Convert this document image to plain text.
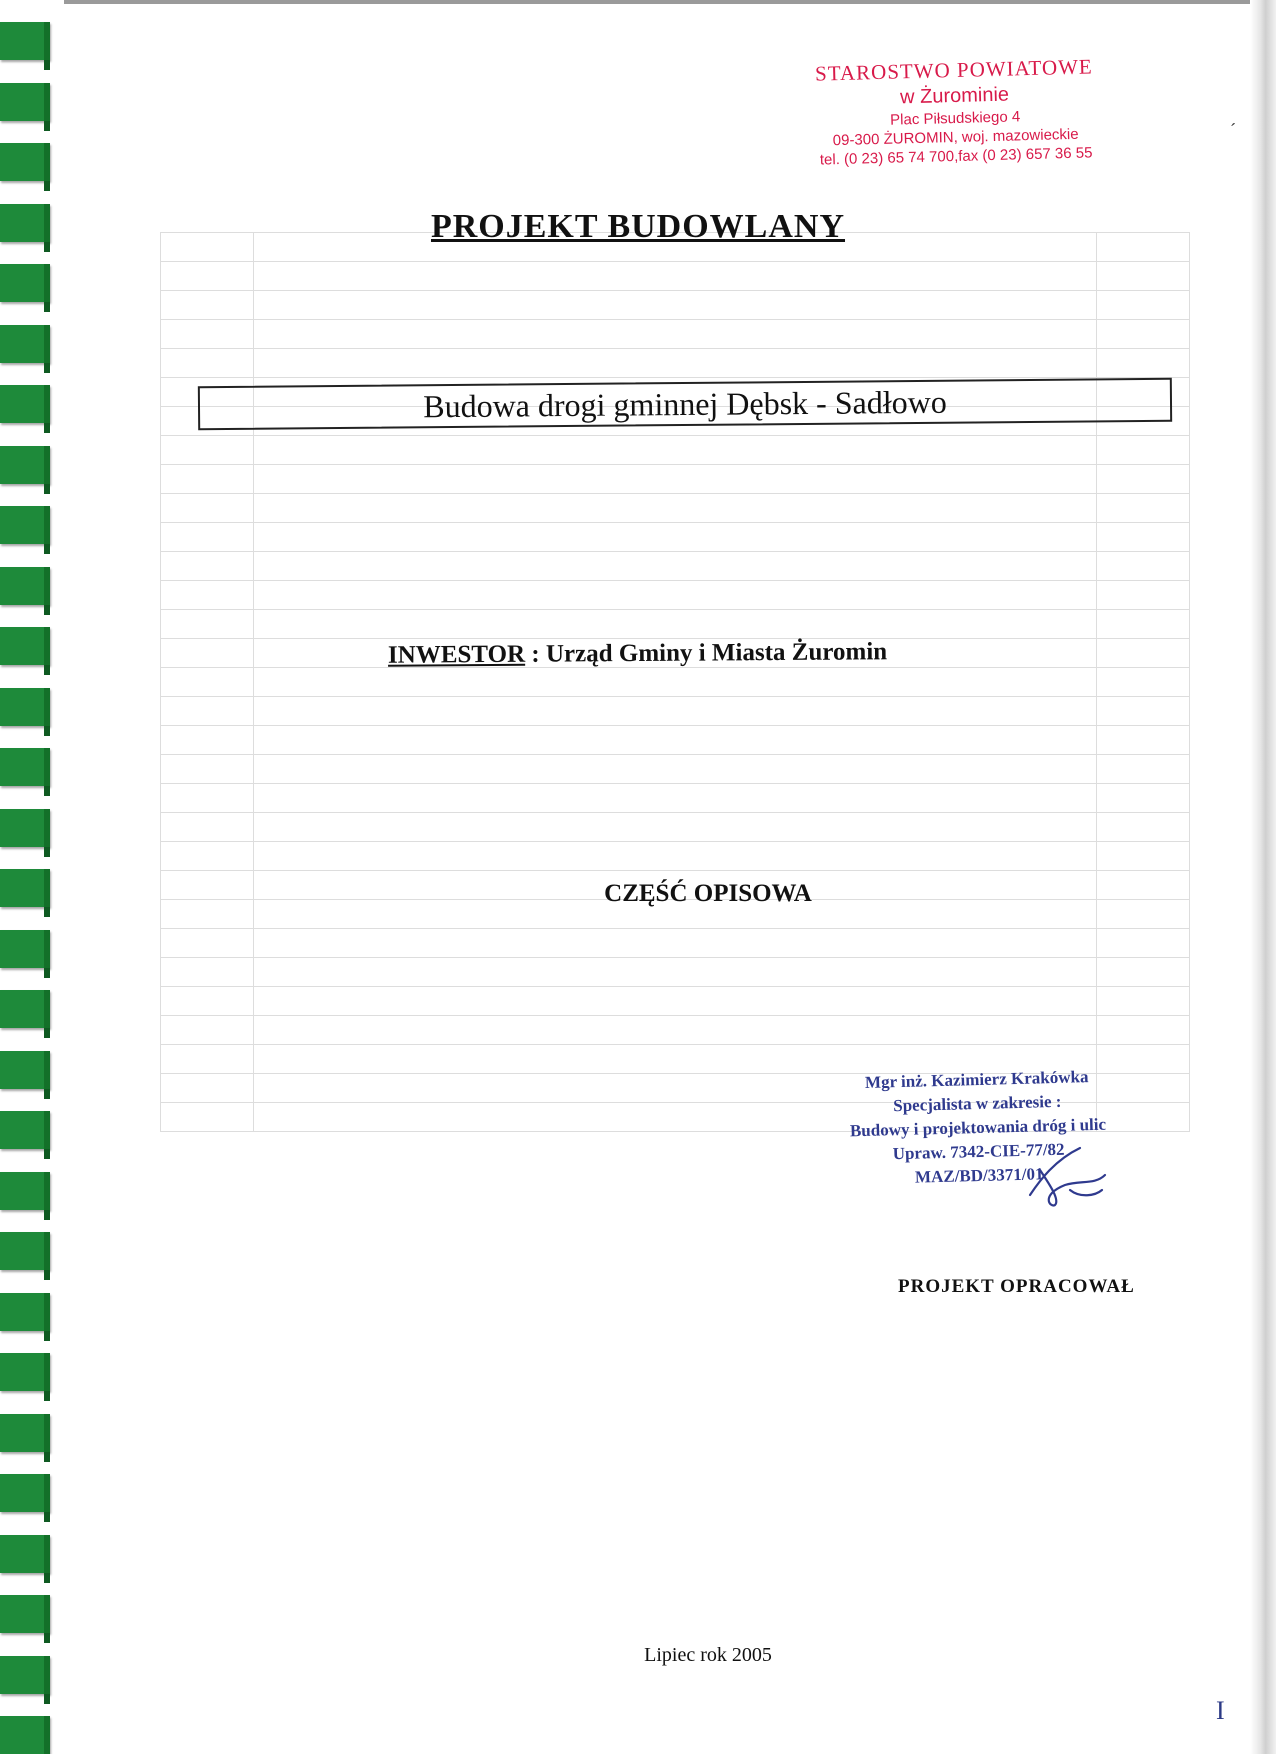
STAROSTWO POWIATOWE
w Żurominie
Plac Piłsudskiego 4
09-300 ŻUROMIN, woj. mazowieckie
tel. (0 23) 65 74 700,fax (0 23) 657 36 55
ˊ
PROJEKT BUDOWLANY
Budowa drogi gminnej Dębsk - Sadłowo
INWESTOR : Urząd Gminy i Miasta Żuromin
CZĘŚĆ OPISOWA
Mgr inż. Kazimierz Krakówka
Specjalista w zakresie :
Budowy i projektowania dróg i ulic
Upraw. 7342-CIE-77/82
MAZ/BD/3371/01
PROJEKT OPRACOWAŁ
Lipiec rok 2005
I
